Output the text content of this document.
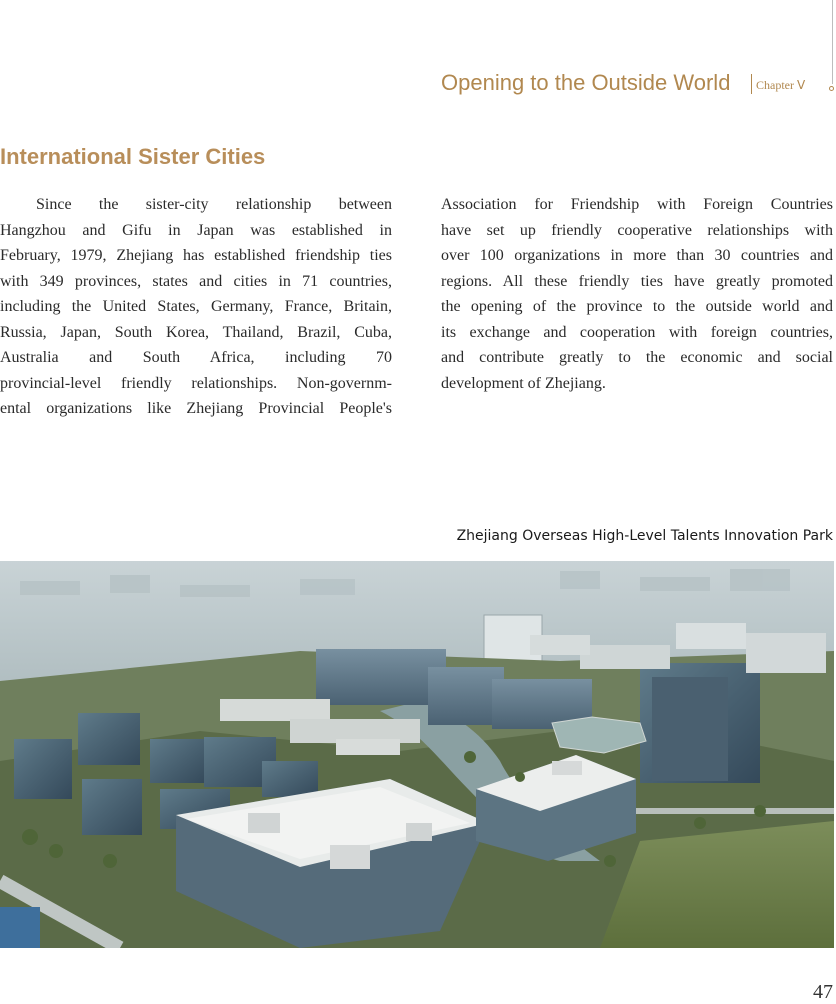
Opening to the Outside World Chapter Ⅴ
International Sister Cities
Since the sister-city relationship between
Hangzhou and Gifu in Japan was established in
February, 1979, Zhejiang has established friendship ties
with 349 provinces, states and cities in 71 countries,
including the United States, Germany, France, Britain,
Russia, Japan, South Korea, Thailand, Brazil, Cuba,
Australia and South Africa, including 70
provincial-level friendly relationships. Non-governm-
ental organizations like Zhejiang Provincial People's
Association for Friendship with Foreign Countries
have set up friendly cooperative relationships with
over 100 organizations in more than 30 countries and
regions. All these friendly ties have greatly promoted
the opening of the province to the outside world and
its exchange and cooperation with foreign countries,
and contribute greatly to the economic and social
development of Zhejiang.
Zhejiang Overseas High-Level Talents Innovation Park
47
